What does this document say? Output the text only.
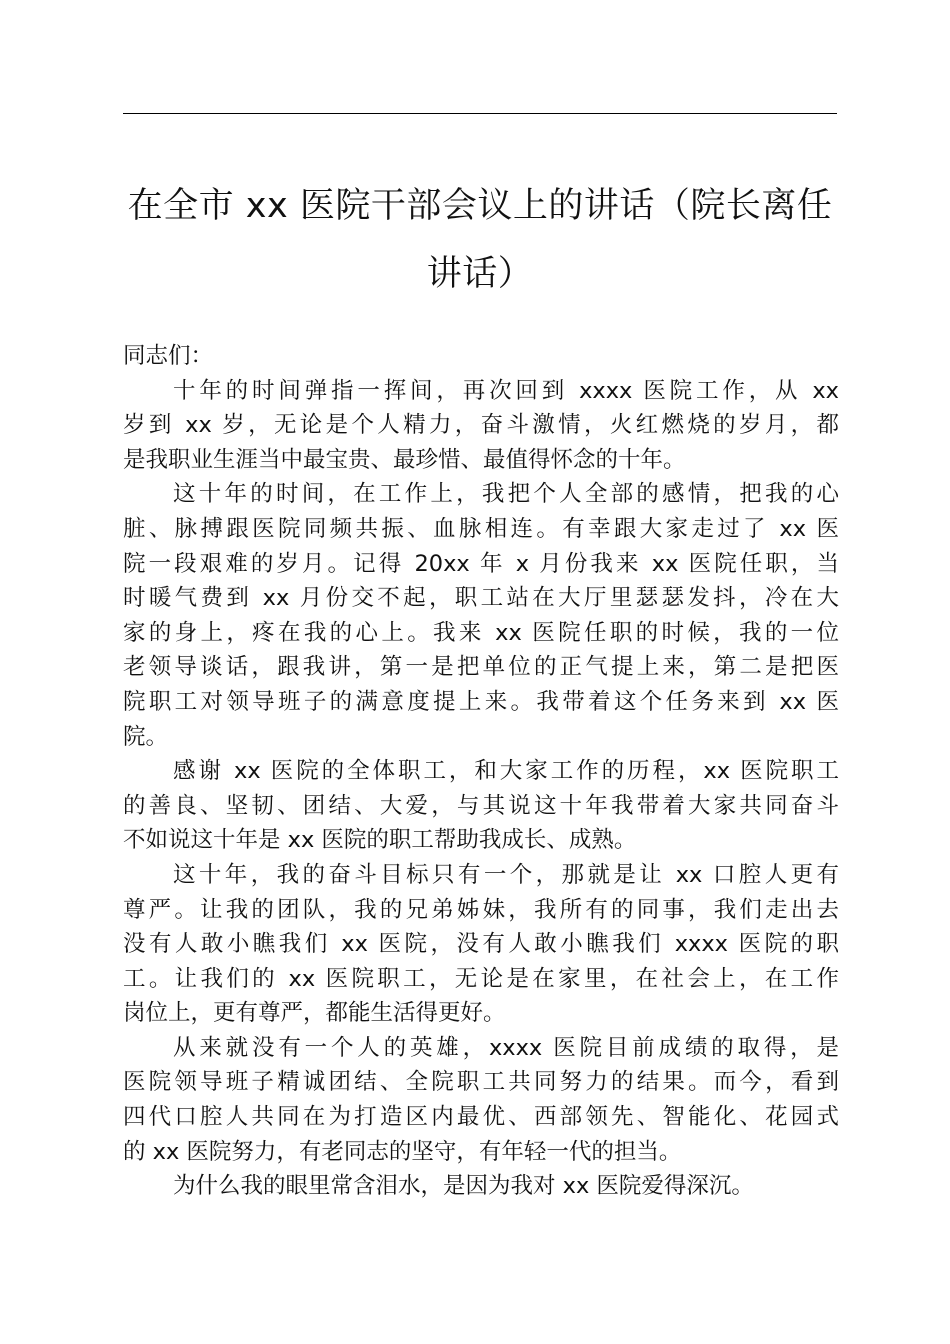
在全市 xx 医院干部会议上的讲话（院长离任
讲话）

同志们：

十年的时间弹指一挥间，再次回到 xxxx 医院工作，从 xx
岁到 xx 岁，无论是个人精力，奋斗激情，火红燃烧的岁月，都
是我职业生涯当中最宝贵、最珍惜、最值得怀念的十年。

这十年的时间，在工作上，我把个人全部的感情，把我的心
脏、脉搏跟医院同频共振、血脉相连。有幸跟大家走过了 xx 医
院一段艰难的岁月。记得 20xx 年 x 月份我来 xx 医院任职，当
时暖气费到 xx 月份交不起，职工站在大厅里瑟瑟发抖，冷在大
家的身上，疼在我的心上。我来 xx 医院任职的时候，我的一位
老领导谈话，跟我讲，第一是把单位的正气提上来，第二是把医
院职工对领导班子的满意度提上来。我带着这个任务来到 xx 医
院。

感谢 xx 医院的全体职工，和大家工作的历程，xx 医院职工
的善良、坚韧、团结、大爱，与其说这十年我带着大家共同奋斗
不如说这十年是 xx 医院的职工帮助我成长、成熟。

这十年，我的奋斗目标只有一个，那就是让 xx 口腔人更有
尊严。让我的团队，我的兄弟姊妹，我所有的同事，我们走出去
没有人敢小瞧我们 xx 医院，没有人敢小瞧我们 xxxx 医院的职
工。让我们的 xx 医院职工，无论是在家里，在社会上，在工作
岗位上，更有尊严，都能生活得更好。

从来就没有一个人的英雄，xxxx 医院目前成绩的取得，是
医院领导班子精诚团结、全院职工共同努力的结果。而今，看到
四代口腔人共同在为打造区内最优、西部领先、智能化、花园式
的 xx 医院努力，有老同志的坚守，有年轻一代的担当。

为什么我的眼里常含泪水，是因为我对 xx 医院爱得深沉。
